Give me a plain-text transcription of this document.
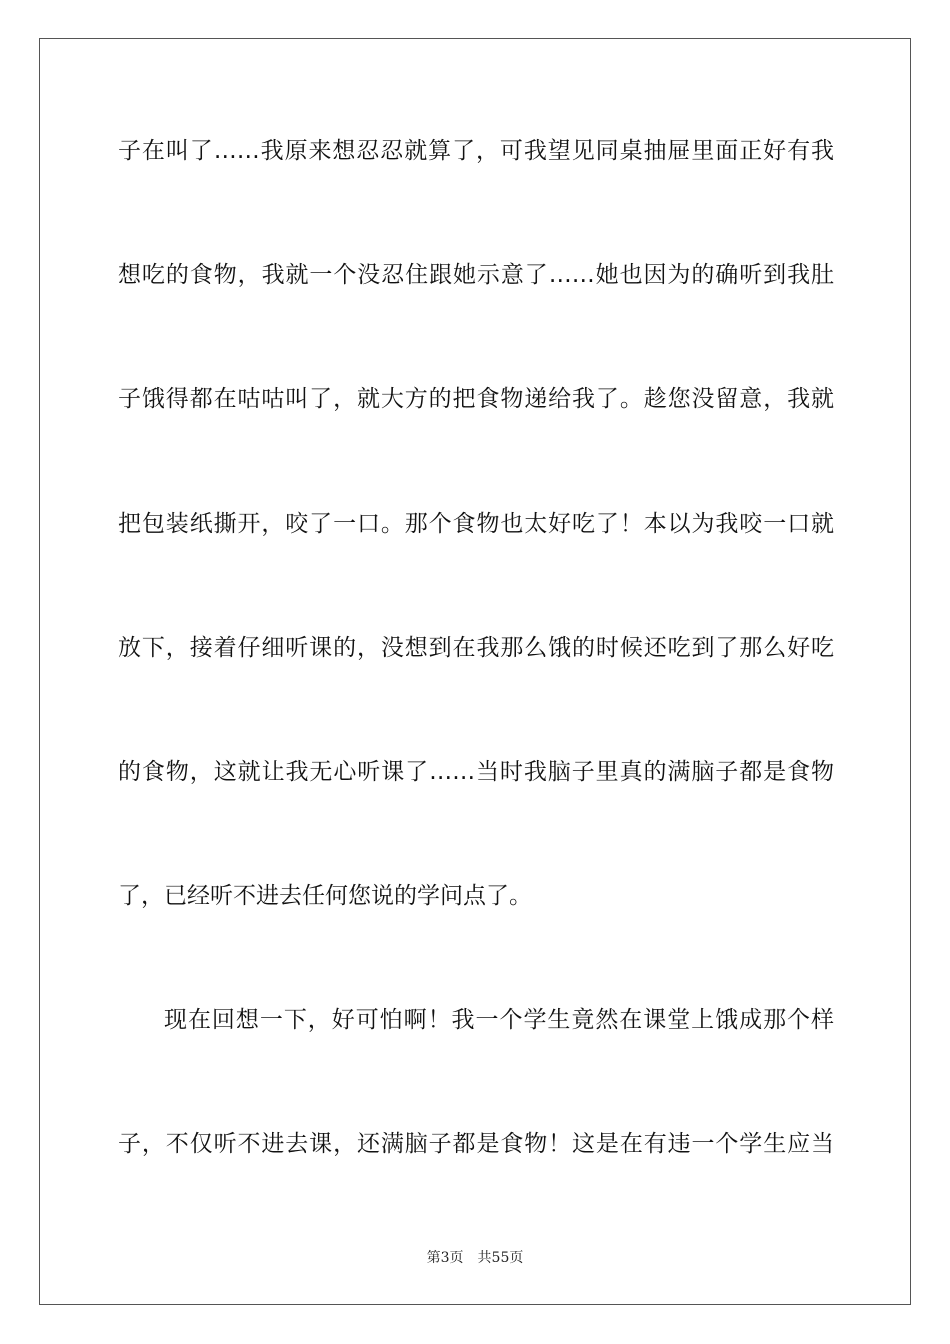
子在叫了……我原来想忍忍就算了，可我望见同桌抽屉里面正好有我
想吃的食物，我就一个没忍住跟她示意了……她也因为的确听到我肚
子饿得都在咕咕叫了，就大方的把食物递给我了。趁您没留意，我就
把包装纸撕开，咬了一口。那个食物也太好吃了！本以为我咬一口就
放下，接着仔细听课的，没想到在我那么饿的时候还吃到了那么好吃
的食物，这就让我无心听课了……当时我脑子里真的满脑子都是食物
了，已经听不进去任何您说的学问点了。
现在回想一下，好可怕啊！我一个学生竟然在课堂上饿成那个样
子，不仅听不进去课，还满脑子都是食物！这是在有违一个学生应当
第3页 共55页
